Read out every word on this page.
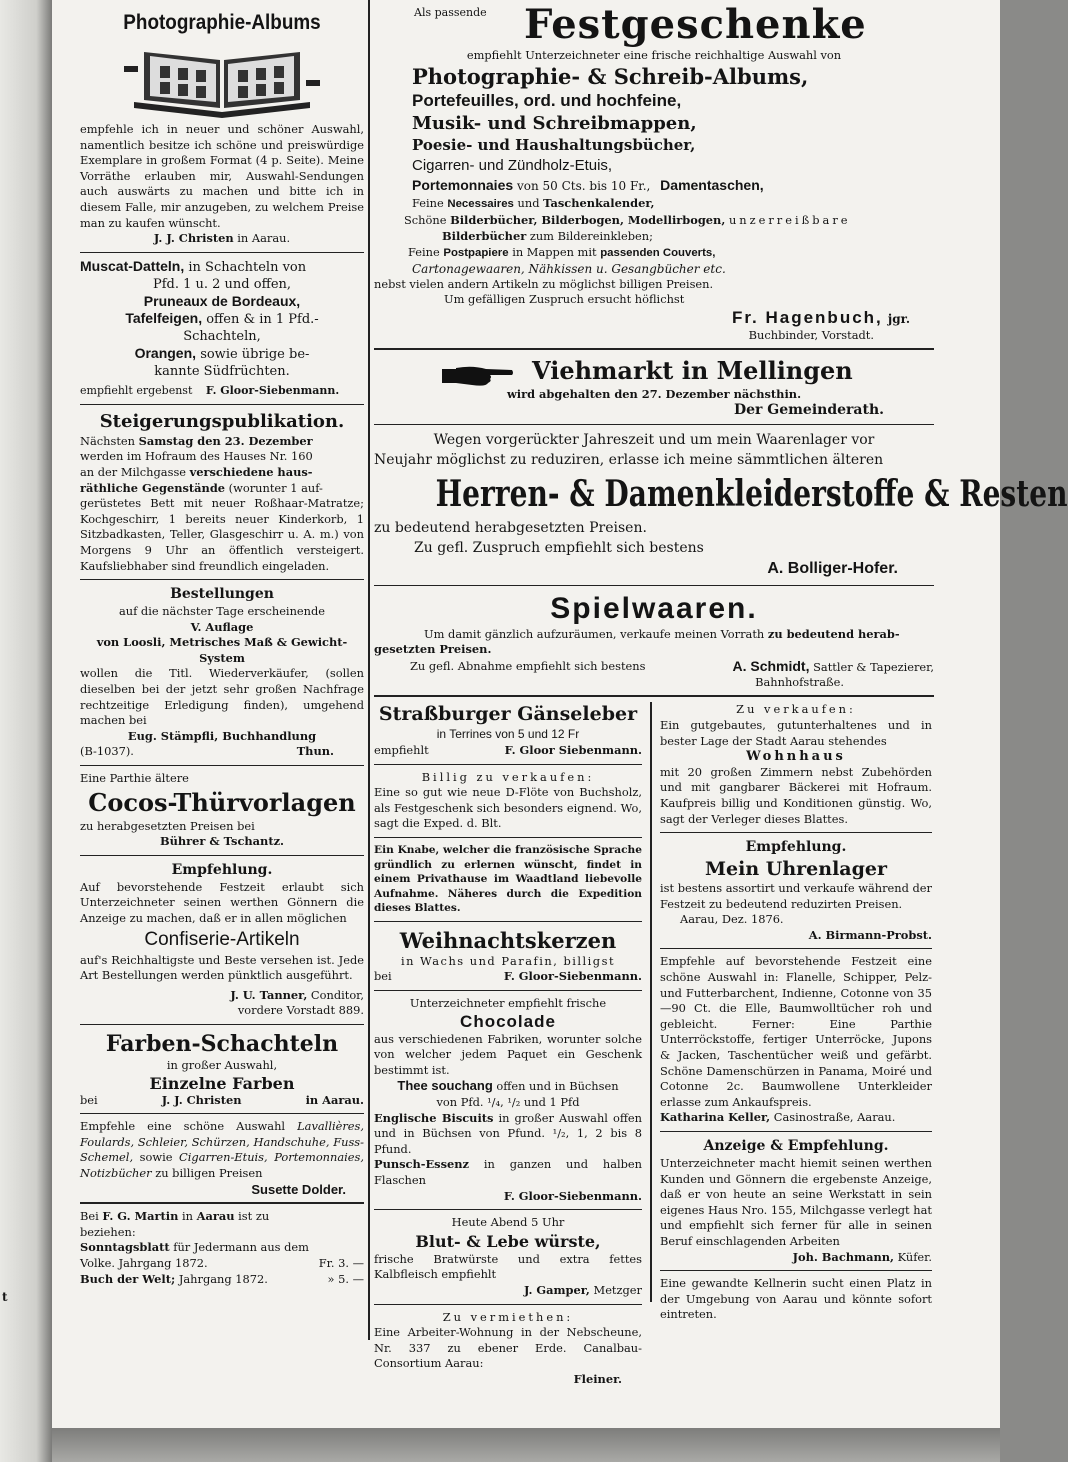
t
Photographie-Albums

empfehle ich in neuer und schöner Auswahl, namentlich besitze ich schöne und preiswürdige Exemplare in großem Format (4 p. Seite). Meine Vorräthe erlauben mir, Auswahl-Sendungen auch auswärts zu machen und bitte ich in diesem Falle, mir anzugeben, zu welchem Preise man zu kaufen wünscht.

J. J. Christen in Aarau.

Muscat-Datteln, in Schachteln von
Pfd. 1 u. 2 und offen,
Pruneaux de Bordeaux,
Tafelfeigen, offen & in 1 Pfd.-
Schachteln,
Orangen, sowie übrige be-
kannte Südfrüchten.
empfiehlt ergebenst F. Gloor-Siebenmann.
Steigerungspublikation.

Nächsten Samstag den 23. Dezember

werden im Hofraum des Hauses Nr. 160

an der Milchgasse verschiedene haus-

räthliche Gegenstände (worunter 1 auf-

gerüstetes Bett mit neuer Roßhaar-Matratze; Kochgeschirr, 1 bereits neuer Kinderkorb, 1 Sitzbadkasten, Teller, Glasgeschirr u. A. m.) von Morgens 9 Uhr an öffentlich versteigert. Kaufsliebhaber sind freundlich eingeladen.

Bestellungen

auf die nächster Tage erscheinende

V. Auflage

von Loosli, Metrisches Maß & Gewicht-

System

wollen die Titl. Wiederverkäufer, (sollen dieselben bei der jetzt sehr großen Nachfrage rechtzeitige Erledigung finden), umgehend machen bei

Eug. Stämpfli, Buchhandlung

(B-1037).	Thun.

Eine Parthie ältere

Cocos-Thürvorlagen

zu herabgesetzten Preisen bei

Bührer & Tschantz.

Empfehlung.

Auf bevorstehende Festzeit erlaubt sich Unterzeichneter seinen werthen Gönnern die Anzeige zu machen, daß er in allen möglichen

Confiserie-Artikeln

auf's Reichhaltigste und Beste versehen ist. Jede Art Bestellungen werden pünktlich ausgeführt.

J. U. Tanner, Conditor,

vordere Vorstadt 889.

Farben-Schachteln

in großer Auswahl,

Einzelne Farben

bei	J. J. Christen	in Aarau.

Empfehle eine schöne Auswahl Lavallières, Foulards, Schleier, Schürzen, Handschuhe, Fuss-Schemel, sowie Cigarren-Etuis, Portemonnaies, Notizbücher zu billigen Preisen

Susette Dolder.

Bei F. G. Martin in Aarau ist zu

beziehen:

Sonntagsblatt für Jedermann aus dem

Volke. Jahrgang 1872.	Fr. 3. —

Buch der Welt; Jahrgang 1872.	» 5. —

Als passende Festgeschenke

empfiehlt Unterzeichneter eine frische reichhaltige Auswahl von

Photographie- & Schreib-Albums,
Portefeuilles, ord. und hochfeine,
Musik- und Schreibmappen,
Poesie- und Haushaltungsbücher,
Cigarren- und Zündholz-Etuis,
Portemonnaies von 50 Cts. bis 10 Fr., Damentaschen,
Feine Necessaires und Taschenkalender,
Schöne Bilderbücher, Bilderbogen, Modellirbogen, unzerreißbare
Bilderbücher zum Bildereinkleben;
Feine Postpapiere in Mappen mit passenden Couverts,
Cartonagewaaren, Nähkissen u. Gesangbücher etc.

nebst vielen andern Artikeln zu möglichst billigen Preisen.

Um gefälligen Zuspruch ersucht höflichst

Fr. Hagenbuch, jgr.

Buchbinder, Vorstadt.

Viehmarkt in Mellingen

wird abgehalten den 27. Dezember nächsthin.

Der Gemeinderath.

Wegen vorgerückter Jahreszeit und um mein Waarenlager vor

Neujahr möglichst zu reduziren, erlasse ich meine sämmtlichen älteren

Herren- & Damenkleiderstoffe & Resten

zu bedeutend herabgesetzten Preisen.

Zu gefl. Zuspruch empfiehlt sich bestens

A. Bolliger-Hofer.

Spielwaaren.

Um damit gänzlich aufzuräumen, verkaufe meinen Vorrath zu bedeutend herab-

gesetzten Preisen.

Zu gefl. Abnahme empfiehlt sich bestens	A. Schmidt, Sattler & Tapezierer,

Bahnhofstraße.

Straßburger Gänseleber

in Terrines von 5 und 12 Fr

empfiehlt	F. Gloor Siebenmann.

Billig zu verkaufen:

Eine so gut wie neue D-Flöte von Buchsholz, als Festgeschenk sich besonders eignend. Wo, sagt die Exped. d. Blt.

Ein Knabe, welcher die französische Sprache gründlich zu erlernen wünscht, findet in einem Privathause im Waadtland liebevolle Aufnahme. Näheres durch die Expedition dieses Blattes.

Weihnachtskerzen

in Wachs und Parafin, billigst

bei	F. Gloor-Siebenmann.

Unterzeichneter empfiehlt frische

Chocolade

aus verschiedenen Fabriken, worunter solche von welcher jedem Paquet ein Geschenk bestimmt ist.

Thee souchang offen und in Büchsen

von Pfd. ¹/₄, ¹/₂ und 1 Pfd

Englische Biscuits in großer Auswahl offen und in Büchsen von Pfund. ¹/₂, 1, 2 bis 8 Pfund.

Punsch-Essenz in ganzen und halben Flaschen

F. Gloor-Siebenmann.

Heute Abend 5 Uhr

Blut- & Lebe würste,

frische Bratwürste und extra fettes Kalbfleisch empfiehlt

J. Gamper, Metzger

Zu vermiethen:

Eine Arbeiter-Wohnung in der Nebscheune, Nr. 337 zu ebener Erde. Canalbau-Consortium Aarau:

Fleiner.

Zu verkaufen:

Ein gutgebautes, gutunterhaltenes und in bester Lage der Stadt Aarau stehendes

Wohnhaus

mit 20 großen Zimmern nebst Zubehörden und mit gangbarer Bäckerei mit Hofraum. Kaufpreis billig und Konditionen günstig. Wo, sagt der Verleger dieses Blattes.

Empfehlung.
Mein Uhrenlager

ist bestens assortirt und verkaufe während der Festzeit zu bedeutend reduzirten Preisen.

Aarau, Dez. 1876.

A. Birmann-Probst.

Empfehle auf bevorstehende Festzeit eine schöne Auswahl in: Flanelle, Schipper, Pelz- und Futterbarchent, Indienne, Cotonne von 35—90 Ct. die Elle, Baumwolltücher roh und gebleicht. Ferner: Eine Parthie Unterröckstoffe, fertiger Unterröcke, Jupons & Jacken, Taschentücher weiß und gefärbt. Schöne Damenschürzen in Panama, Moiré und Cotonne 2c. Baumwollene Unterkleider erlasse zum Ankaufspreis.

Katharina Keller, Casinostraße, Aarau.

Anzeige & Empfehlung.

Unterzeichneter macht hiemit seinen werthen Kunden und Gönnern die ergebenste Anzeige, daß er von heute an seine Werkstatt in sein eigenes Haus Nro. 155, Milchgasse verlegt hat und empfiehlt sich ferner für alle in seinen Beruf einschlagenden Arbeiten

Joh. Bachmann, Küfer.

Eine gewandte Kellnerin sucht einen Platz in der Umgebung von Aarau und könnte sofort eintreten.
